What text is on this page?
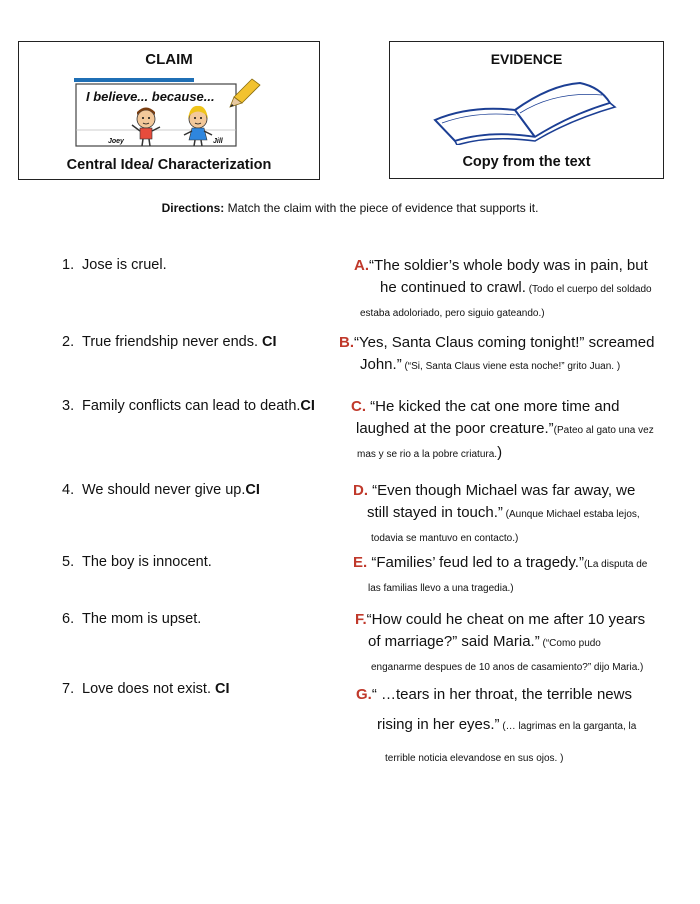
CLAIM
I believe... because...
Joey	Jill
Central Idea/ Characterization
EVIDENCE
Copy from the text
Directions: Match the claim with the piece of evidence that supports it.
1. Jose is cruel.
2. True friendship never ends. CI
3. Family conflicts can lead to death.CI
4. We should never give up.CI
5. The boy is innocent.
6. The mom is upset.
7. Love does not exist. CI
A.“The soldier’s whole body was in pain, but
he continued to crawl. (Todo el cuerpo del soldado
estaba adoloriado, pero siguio gateando.)
B.“Yes, Santa Claus coming tonight!” screamed
John.” (“Si, Santa Claus viene esta noche!” grito Juan. )
C. “He kicked the cat one more time and
laughed at the poor creature.”(Pateo al gato una vez
mas y se rio a la pobre criatura.)
D. “Even though Michael was far away, we
still stayed in touch.” (Aunque Michael estaba lejos,
todavia se mantuvo en contacto.)
E. “Families’ feud led to a tragedy.”(La disputa de
las familias llevo a una tragedia.)
F.“How could he cheat on me after 10 years
of marriage?” said Maria.” (“Como pudo
enganarme despues de 10 anos de casamiento?” dijo Maria.)
G.“ …tears in her throat, the terrible news
rising in her eyes.” (… lagrimas en la garganta, la
terrible noticia elevandose en sus ojos. )
